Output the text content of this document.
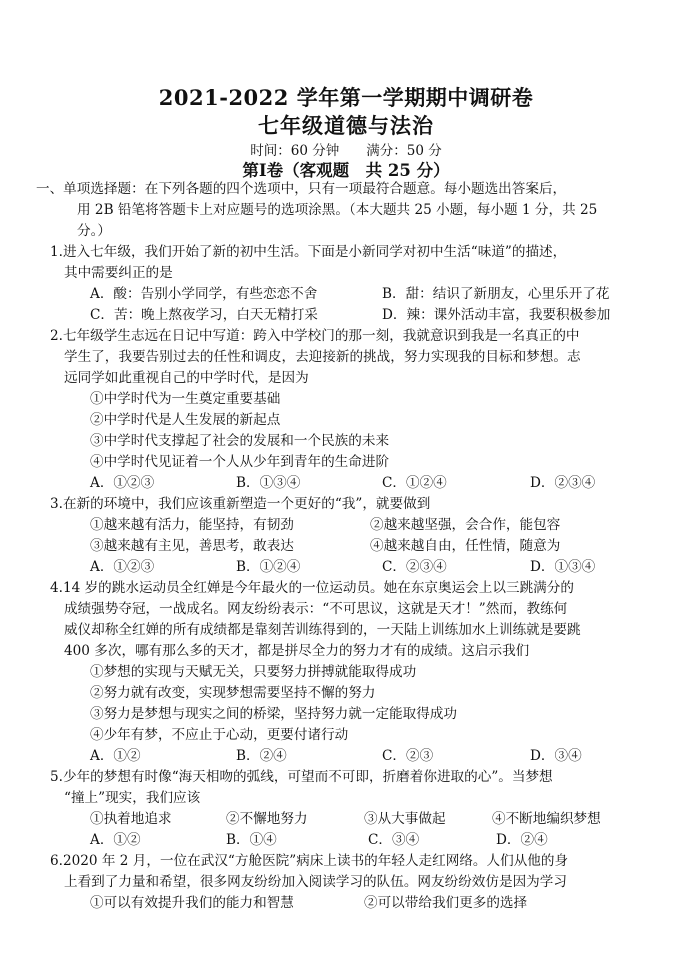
2021-2022 学年第一学期期中调研卷
七年级道德与法治
时间：60 分钟　　满分：50 分
第Ⅰ卷（客观题　共 25 分）
一、单项选择题：在下列各题的四个选项中，只有一项最符合题意。每小题选出答案后，
用 2B 铅笔将答题卡上对应题号的选项涂黑。（本大题共 25 小题，每小题 1 分，共 25
分。）
1.进入七年级，我们开始了新的初中生活。下面是小新同学对初中生活“味道”的描述，
其中需要纠正的是
A．酸：告别小学同学，有些恋恋不舍	B．甜：结识了新朋友，心里乐开了花
C．苦：晚上熬夜学习，白天无精打采	D．辣：课外活动丰富，我要积极参加
2.七年级学生志远在日记中写道：跨入中学校门的那一刻，我就意识到我是一名真正的中
学生了，我要告别过去的任性和调皮，去迎接新的挑战，努力实现我的目标和梦想。志
远同学如此重视自己的中学时代，是因为
①中学时代为一生奠定重要基础
②中学时代是人生发展的新起点
③中学时代支撑起了社会的发展和一个民族的未来
④中学时代见证着一个人从少年到青年的生命进阶
A．①②③	B．①③④	C．①②④	D．②③④
3.在新的环境中，我们应该重新塑造一个更好的“我”，就要做到
①越来越有活力，能坚持，有韧劲	②越来越坚强，会合作，能包容
③越来越有主见，善思考，敢表达	④越来越自由，任性情，随意为
A．①②③	B．①②④	C．②③④	D．①③④
4.14 岁的跳水运动员全红婵是今年最火的一位运动员。她在东京奥运会上以三跳满分的
成绩强势夺冠，一战成名。网友纷纷表示：“不可思议，这就是天才！”然而，教练何
威仪却称全红婵的所有成绩都是靠刻苦训练得到的，一天陆上训练加水上训练就是要跳
400 多次，哪有那么多的天才，都是拼尽全力的努力才有的成绩。这启示我们
①梦想的实现与天赋无关，只要努力拼搏就能取得成功
②努力就有改变，实现梦想需要坚持不懈的努力
③努力是梦想与现实之间的桥梁，坚持努力就一定能取得成功
④少年有梦，不应止于心动，更要付诸行动
A．①②	B．②④	C．②③	D．③④
5.少年的梦想有时像“海天相吻的弧线，可望而不可即，折磨着你进取的心”。当梦想
“撞上”现实，我们应该
①执着地追求	②不懈地努力	③从大事做起	④不断地编织梦想
A．①②	B．①④	C．③④	D．②④
6.2020 年 2 月，一位在武汉“方舱医院”病床上读书的年轻人走红网络。人们从他的身
上看到了力量和希望，很多网友纷纷加入阅读学习的队伍。网友纷纷效仿是因为学习
①可以有效提升我们的能力和智慧	②可以带给我们更多的选择
